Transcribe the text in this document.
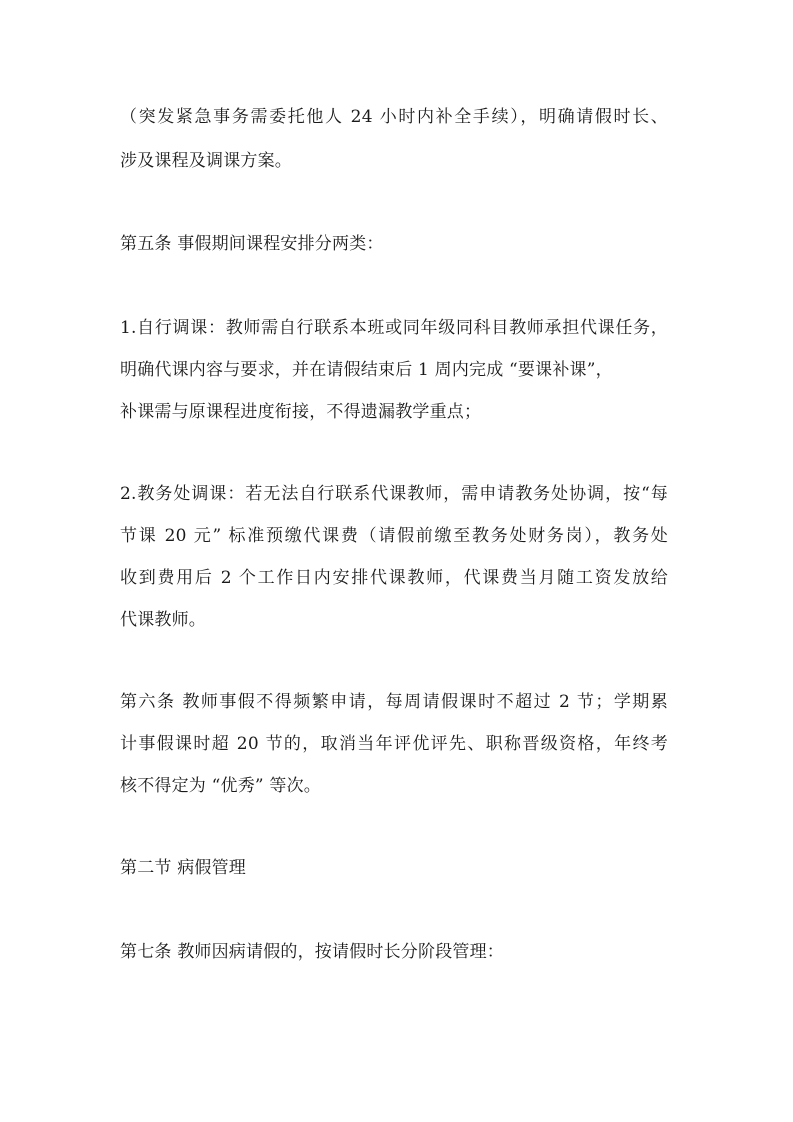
（突发紧急事务需委托他人 24 小时内补全手续），明确请假时长、
涉及课程及调课方案。
第五条 事假期间课程安排分两类：
1.自行调课：教师需自行联系本班或同年级同科目教师承担代课任务，
明确代课内容与要求，并在请假结束后 1 周内完成 “要课补课”，
补课需与原课程进度衔接，不得遗漏教学重点；
2.教务处调课：若无法自行联系代课教师，需申请教务处协调，按“每
节课 20 元” 标准预缴代课费（请假前缴至教务处财务岗），教务处
收到费用后 2 个工作日内安排代课教师，代课费当月随工资发放给
代课教师。
第六条 教师事假不得频繁申请，每周请假课时不超过 2 节；学期累
计事假课时超 20 节的，取消当年评优评先、职称晋级资格，年终考
核不得定为 “优秀” 等次。
第二节 病假管理
第七条 教师因病请假的，按请假时长分阶段管理：
